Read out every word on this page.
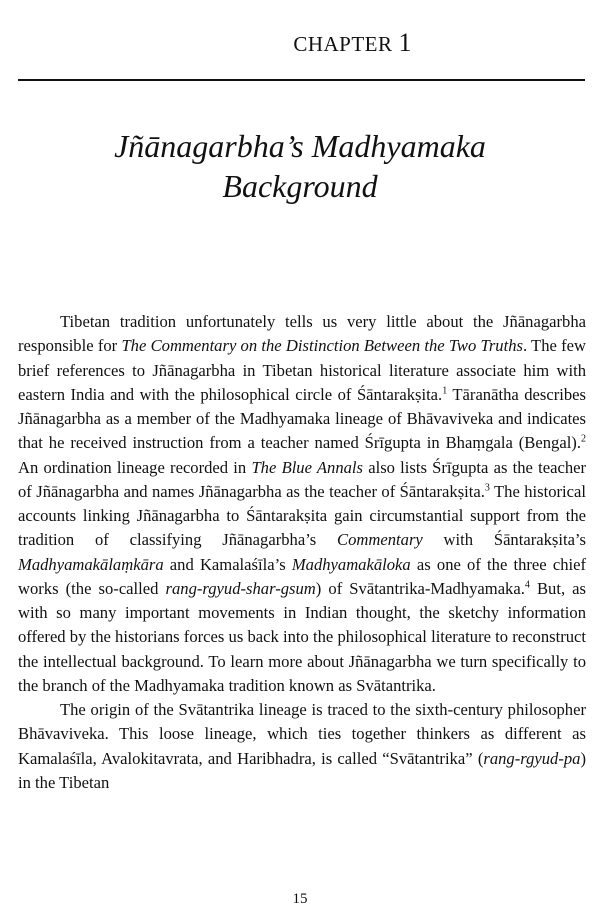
CHAPTER 1
Jñānagarbha’s Madhyamaka
Background

Tibetan tradition unfortunately tells us very little about the Jñānagarbha responsible for The Commentary on the Distinction Between the Two Truths. The few brief references to Jñānagarbha in Tibetan historical literature associate him with eastern India and with the philosophical circle of Śāntarakṣita.$^1$ Tāranātha describes Jñānagarbha as a member of the Madhyamaka lineage of Bhāvaviveka and indicates that he received instruction from a teacher named Śrīgupta in Bhaṃgala (Bengal).$^2$ An ordination lineage recorded in The Blue Annals also lists Śrīgupta as the teacher of Jñānagarbha and names Jñānagarbha as the teacher of Śāntarakṣita.$^3$ The historical accounts linking Jñānagarbha to Śāntarakṣita gain circumstantial support from the tradition of classifying Jñānagarbha’s Commentary with Śāntarakṣita’s Madhyamakālaṃkāra and Kamalaśīla’s Madhyamakāloka as one of the three chief works (the so-called rang-rgyud-shar-gsum) of Svātantrika-Madhyamaka.$^4$ But, as with so many important movements in Indian thought, the sketchy information offered by the historians forces us back into the philosophical literature to reconstruct the intellectual background. To learn more about Jñānagarbha we turn specifically to the branch of the Madhyamaka tradition known as Svātantrika.

The origin of the Svātantrika lineage is traced to the sixth-century philosopher Bhāvaviveka. This loose lineage, which ties together thinkers as different as Kamalaśīla, Avalokitavrata, and Haribhadra, is called “Svātantrika” (rang-rgyud-pa) in the Tibetan

15
